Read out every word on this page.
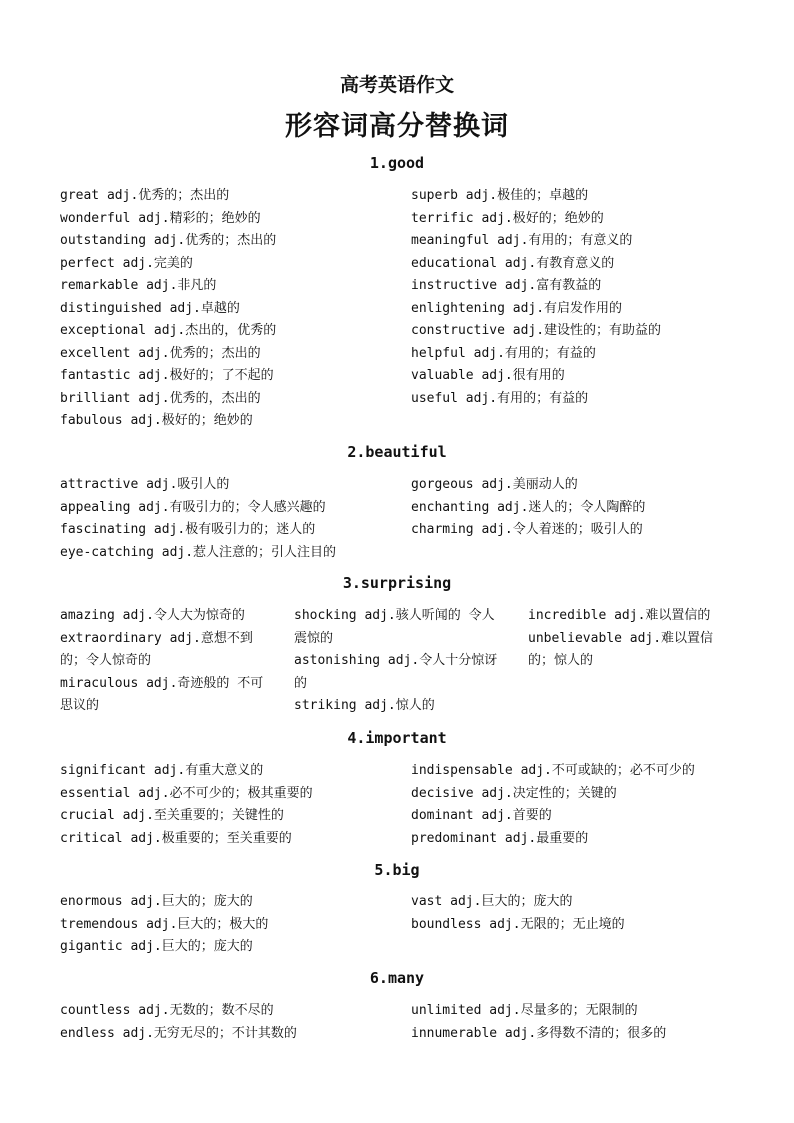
高考英语作文
形容词高分替换词
1.good
great adj.优秀的；杰出的
wonderful adj.精彩的；绝妙的
outstanding adj.优秀的；杰出的
perfect adj.完美的
remarkable adj.非凡的
distinguished adj.卓越的
exceptional adj.杰出的，优秀的
excellent adj.优秀的；杰出的
fantastic adj.极好的；了不起的
brilliant adj.优秀的，杰出的
fabulous adj.极好的；绝妙的
superb adj.极佳的；卓越的
terrific adj.极好的；绝妙的
meaningful adj.有用的；有意义的
educational adj.有教育意义的
instructive adj.富有教益的
enlightening adj.有启发作用的
constructive adj.建设性的；有助益的
helpful adj.有用的；有益的
valuable adj.很有用的
useful adj.有用的；有益的
2.beautiful
attractive adj.吸引人的
appealing adj.有吸引力的；令人感兴趣的
fascinating adj.极有吸引力的；迷人的
eye-catching adj.惹人注意的；引人注目的
gorgeous adj.美丽动人的
enchanting adj.迷人的；令人陶醉的
charming adj.令人着迷的；吸引人的
3.surprising
amazing adj.令人大为惊奇的
extraordinary adj.意想不到的；令人惊奇的
miraculous adj.奇迹般的 不可思议的
shocking adj.骇人听闻的 令人震惊的
astonishing adj.令人十分惊讶的
striking adj.惊人的
incredible adj.难以置信的
unbelievable adj.难以置信的；惊人的
4.important
significant adj.有重大意义的
essential adj.必不可少的；极其重要的
crucial adj.至关重要的；关键性的
critical adj.极重要的；至关重要的
indispensable adj.不可或缺的；必不可少的
decisive adj.决定性的；关键的
dominant adj.首要的
predominant adj.最重要的
5.big
enormous adj.巨大的；庞大的
tremendous adj.巨大的；极大的
gigantic adj.巨大的；庞大的
vast adj.巨大的；庞大的
boundless adj.无限的；无止境的
6.many
countless adj.无数的；数不尽的
endless adj.无穷无尽的；不计其数的
unlimited adj.尽量多的；无限制的
innumerable adj.多得数不清的；很多的
